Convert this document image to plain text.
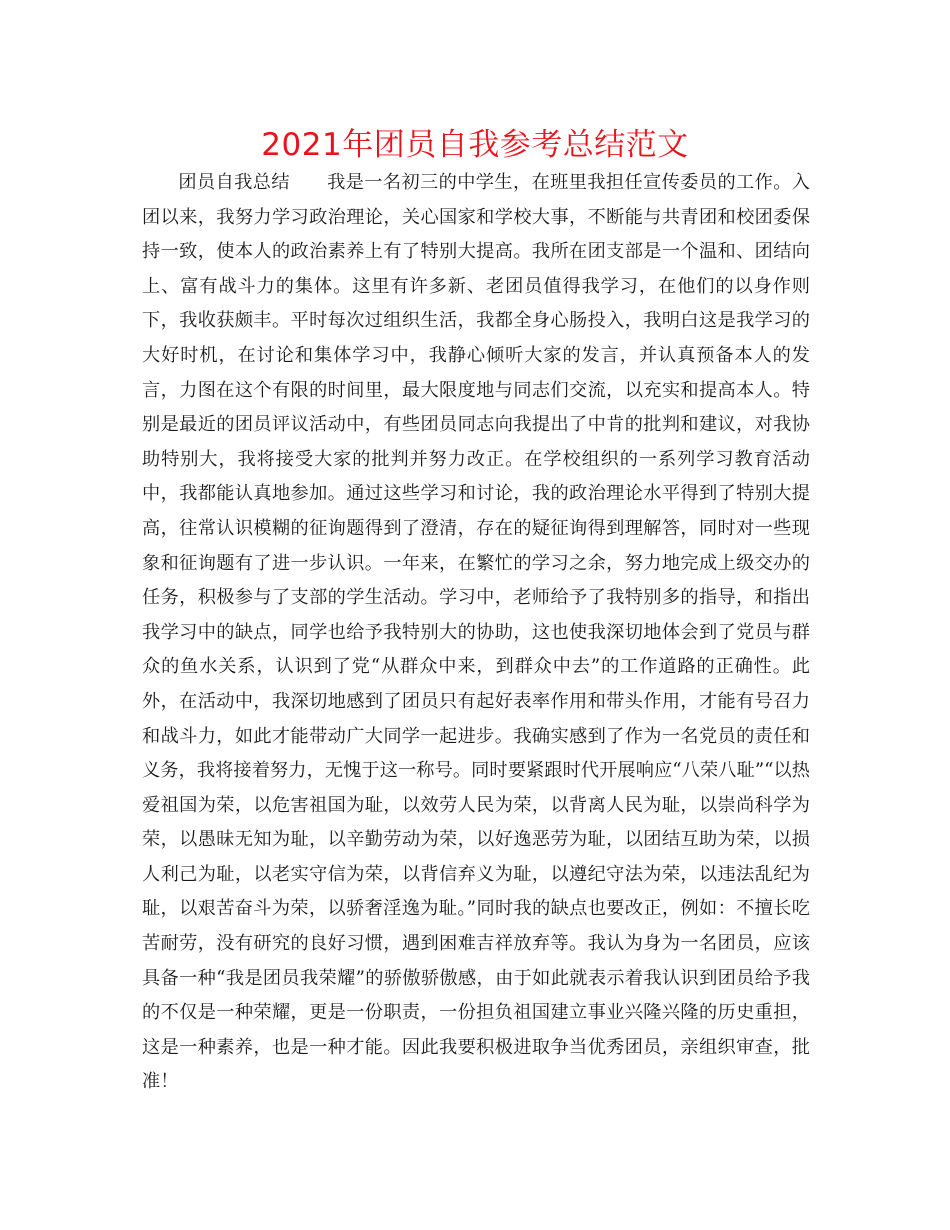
2021年团员自我参考总结范文

团员自我总结　　我是一名初三的中学生，在班里我担任宣传委员的工作。入团以来，我努力学习政治理论，关心国家和学校大事，不断能与共青团和校团委保持一致，使本人的政治素养上有了特别大提高。我所在团支部是一个温和、团结向上、富有战斗力的集体。这里有许多新、老团员值得我学习，在他们的以身作则下，我收获颇丰。平时每次过组织生活，我都全身心肠投入，我明白这是我学习的大好时机，在讨论和集体学习中，我静心倾听大家的发言，并认真预备本人的发言，力图在这个有限的时间里，最大限度地与同志们交流，以充实和提高本人。特别是最近的团员评议活动中，有些团员同志向我提出了中肯的批判和建议，对我协助特别大，我将接受大家的批判并努力改正。在学校组织的一系列学习教育活动中，我都能认真地参加。通过这些学习和讨论，我的政治理论水平得到了特别大提高，往常认识模糊的征询题得到了澄清，存在的疑征询得到理解答，同时对一些现象和征询题有了进一步认识。一年来，在繁忙的学习之余，努力地完成上级交办的任务，积极参与了支部的学生活动。学习中，老师给予了我特别多的指导，和指出我学习中的缺点，同学也给予我特别大的协助，这也使我深切地体会到了党员与群众的鱼水关系，认识到了党“从群众中来，到群众中去”的工作道路的正确性。此外，在活动中，我深切地感到了团员只有起好表率作用和带头作用，才能有号召力和战斗力，如此才能带动广大同学一起进步。我确实感到了作为一名党员的责任和义务，我将接着努力，无愧于这一称号。同时要紧跟时代开展响应“八荣八耻”“以热爱祖国为荣，以危害祖国为耻，以效劳人民为荣，以背离人民为耻，以崇尚科学为荣，以愚昧无知为耻，以辛勤劳动为荣，以好逸恶劳为耻，以团结互助为荣，以损人利己为耻，以老实守信为荣，以背信弃义为耻，以遵纪守法为荣，以违法乱纪为耻，以艰苦奋斗为荣，以骄奢淫逸为耻。”同时我的缺点也要改正，例如：不擅长吃苦耐劳，没有研究的良好习惯，遇到困难吉祥放弃等。我认为身为一名团员，应该具备一种“我是团员我荣耀”的骄傲骄傲感，由于如此就表示着我认识到团员给予我的不仅是一种荣耀，更是一份职责，一份担负祖国建立事业兴隆兴隆的历史重担，这是一种素养，也是一种才能。因此我要积极进取争当优秀团员，亲组织审查，批准！
